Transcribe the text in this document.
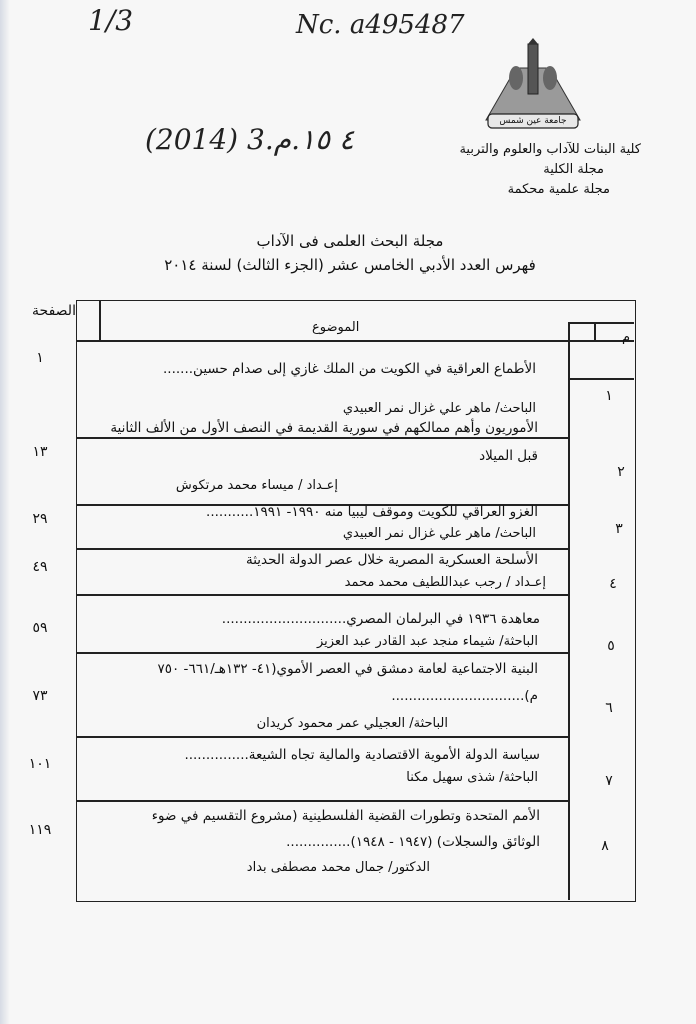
1/3	Nc. a495487
(2014) 3.٤ ١٥.م
جامعة عين شمس
كلية البنات للآداب والعلوم والتربية
مجلة الكلية
مجلة علمية محكمة
مجلة البحث العلمى فى الآداب
فهرس العدد الأدبي الخامس عشر (الجزء الثالث) لسنة ٢٠١٤
الصفحة
الموضوع
م
١
١
الأطماع العراقية في الكويت من الملك غازي إلى صدام حسين.......
الباحث/ ماهر علي غزال نمر العبيدي
١٣
٢
الأموريون وأهم ممالكهم في سورية القديمة في النصف الأول من الألف الثانية
قبل الميلاد
إعـداد / ميساء محمد مرتكوش
٢٩
٣
الغزو العراقي للكويت وموقف ليبيا منه ١٩٩٠- ١٩٩١...........
الباحث/ ماهر علي غزال نمر العبيدي
٤٩
٤
الأسلحة العسكرية المصرية خلال عصر الدولة الحديثة
إعـداد / رجب عبداللطيف محمد محمد
٥٩
٥
معاهدة ١٩٣٦ في البرلمان المصري.............................
الباحثة/ شيماء منجد عبد القادر عبد العزيز
٧٣
٦
البنية الاجتماعية لعامة دمشق في العصر الأموي(٤١- ١٣٢هـ/٦٦١- ٧٥٠
م)...............................
الباحثة/ العجيلي عمر محمود كريدان
١٠١
٧
سياسة الدولة الأموية الاقتصادية والمالية تجاه الشيعة...............
الباحثة/ شذى سهيل مكنا
١١٩
٨
الأمم المتحدة وتطورات القضية الفلسطينية (مشروع التقسيم في ضوء
الوثائق والسجلات) (١٩٤٧ - ١٩٤٨)...............
الدكتور/ جمال محمد مصطفى بداد
